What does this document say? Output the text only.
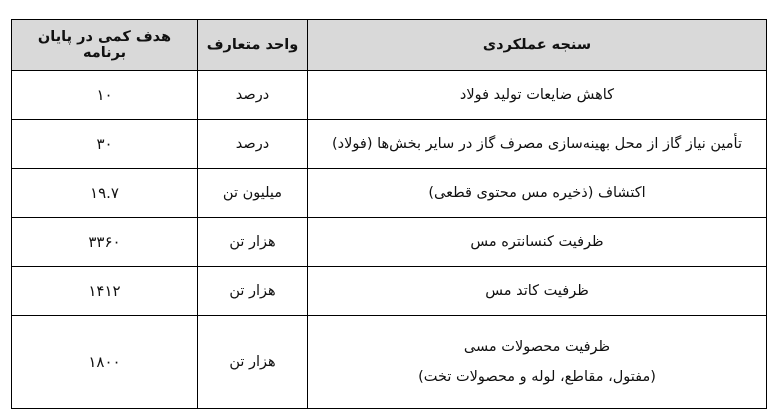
سنجه عملکردی	واحد متعارف	هدف کمی در پایان برنامه
کاهش ضایعات تولید فولاد	درصد	۱۰
تأمین نیاز گاز از محل بهینه‌سازی مصرف گاز در سایر بخش‌ها (فولاد)	درصد	۳۰
اکتشاف (ذخیره مس محتوی قطعی)	میلیون تن	۱۹.۷
ظرفیت کنسانتره مس	هزار تن	۳۳۶۰
ظرفیت کاتد مس	هزار تن	۱۴۱۲

ظرفیت محصولات مسی
(مفتول، مقاطع، لوله و محصولات تخت)	هزار تن	۱۸۰۰
